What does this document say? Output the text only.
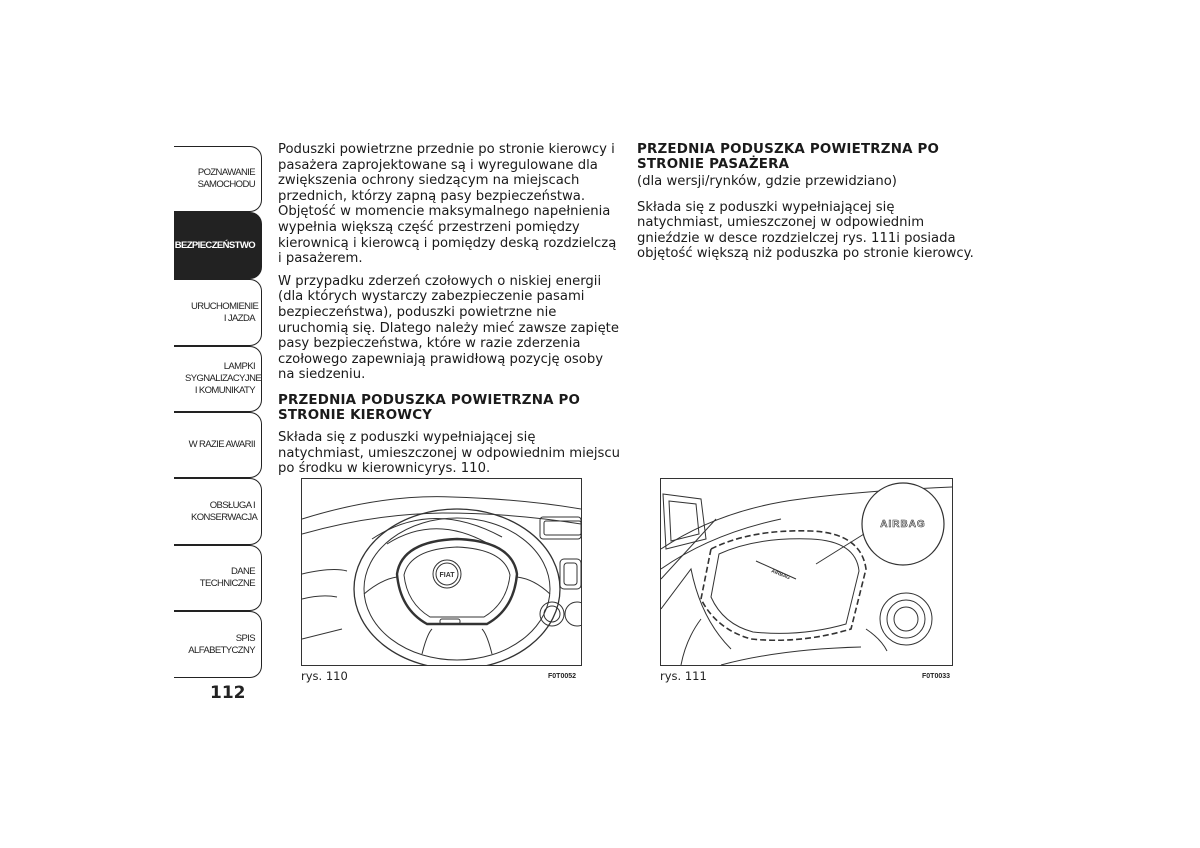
POZNAWANIE SAMOCHODU
BEZPIECZEŃSTWO
URUCHOMIENIE I JAZDA
LAMPKI SYGNALIZACYJNE I KOMUNIKATY
W RAZIE AWARII
OBSŁUGA I KONSERWACJA
DANE TECHNICZNE
SPIS ALFABETYCZNY
112

Poduszki powietrzne przednie po stronie kierowcy i pasażera zaprojektowane są i wyregulowane dla zwiększenia ochrony siedzącym na miejscach przednich, którzy zapną pasy bezpieczeństwa. Objętość w momencie maksymalnego napełnienia wypełnia większą część przestrzeni pomiędzy kierownicą i kierowcą i pomiędzy deską rozdzielczą i pasażerem.

W przypadku zderzeń czołowych o niskiej energii (dla których wystarczy zabezpieczenie pasami bezpieczeństwa), poduszki powietrzne nie uruchomią się. Dlatego należy mieć zawsze zapięte pasy bezpieczeństwa, które w razie zderzenia czołowego zapewniają prawidłową pozycję osoby na siedzeniu.

PRZEDNIA PODUSZKA POWIETRZNA PO STRONIE KIEROWCY

Składa się z poduszki wypełniającej się natychmiast, umieszczonej w odpowiednim miejscu po środku w kierownicyrys. 110.

PRZEDNIA PODUSZKA POWIETRZNA PO STRONIE PASAŻERA
(dla wersji/rynków, gdzie przewidziano)

Składa się z poduszki wypełniającej się natychmiast, umieszczonej w odpowiednim gnieździe w desce rozdzielczej rys. 111i posiada objętość większą niż poduszka po stronie kierowcy.

FIAT
rys. 110	F0T0052
AIRBAG
AIRBAG
rys. 111	F0T0033
